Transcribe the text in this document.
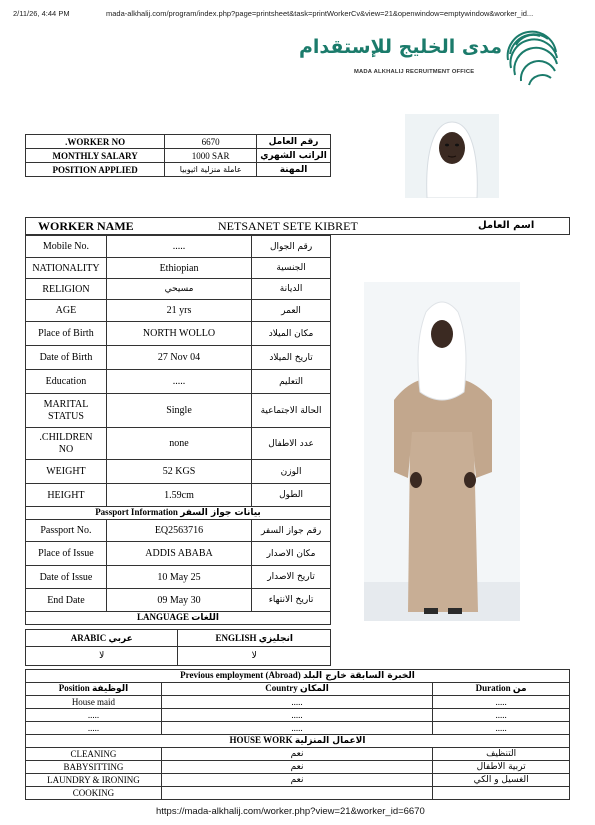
2/11/26, 4:44 PM	mada-alkhalij.com/program/index.php?page=printsheet&task=printWorkerCv&view=21&openwindow=emptywindow&worker_id...
مدى الخليج للإستقدام
MADA ALKHALIJ RECRUITMENT OFFICE
.WORKER NO	6670	رقم العامل
MONTHLY SALARY	1000 SAR	الراتب الشهري
POSITION APPLIED	عاملة منزلية اثيوبيا	المهنة
WORKER NAME	NETSANET SETE KIBRET	اسم العامل
Mobile No.	.....	رقم الجوال
NATIONALITY	Ethiopian	الجنسية
RELIGION	مسيحي	الديانة
AGE	21 yrs	العمر
Place of Birth	NORTH WOLLO	مكان الميلاد
Date of Birth	27 Nov 04	تاريخ الميلاد
Education	.....	التعليم

MARITAL
STATUS	Single	الحالة الاجتماعية

.CHILDREN
NO	none	عدد الاطفال
WEIGHT	52 KGS	الوزن
HEIGHT	1.59cm	الطول
Passport Information بيانات جواز السفر		
Passport No.	EQ2563716	رقم جواز السفر
Place of Issue	ADDIS ABABA	مكان الاصدار
Date of Issue	10 May 25	تاريخ الاصدار
End Date	09 May 30	تاريخ الانتهاء
LANGUAGE اللغات		
ARABIC عربي	ENGLISH انجليزي
لا	لا
Previous employment (Abroad) الخبرة السابقة خارج البلد		
Position الوظيفة	Country المكان	Duration من
House maid	.....	.....
.....	.....	.....
.....	.....	.....
HOUSE WORK الاعمال المنزلية		
CLEANING	نعم	التنظيف
BABYSITTING	نعم	تربية الاطفال
LAUNDRY & IRONING	نعم	الغسيل و الكي
COOKING		
https://mada-alkhalij.com/worker.php?view=21&worker_id=6670
